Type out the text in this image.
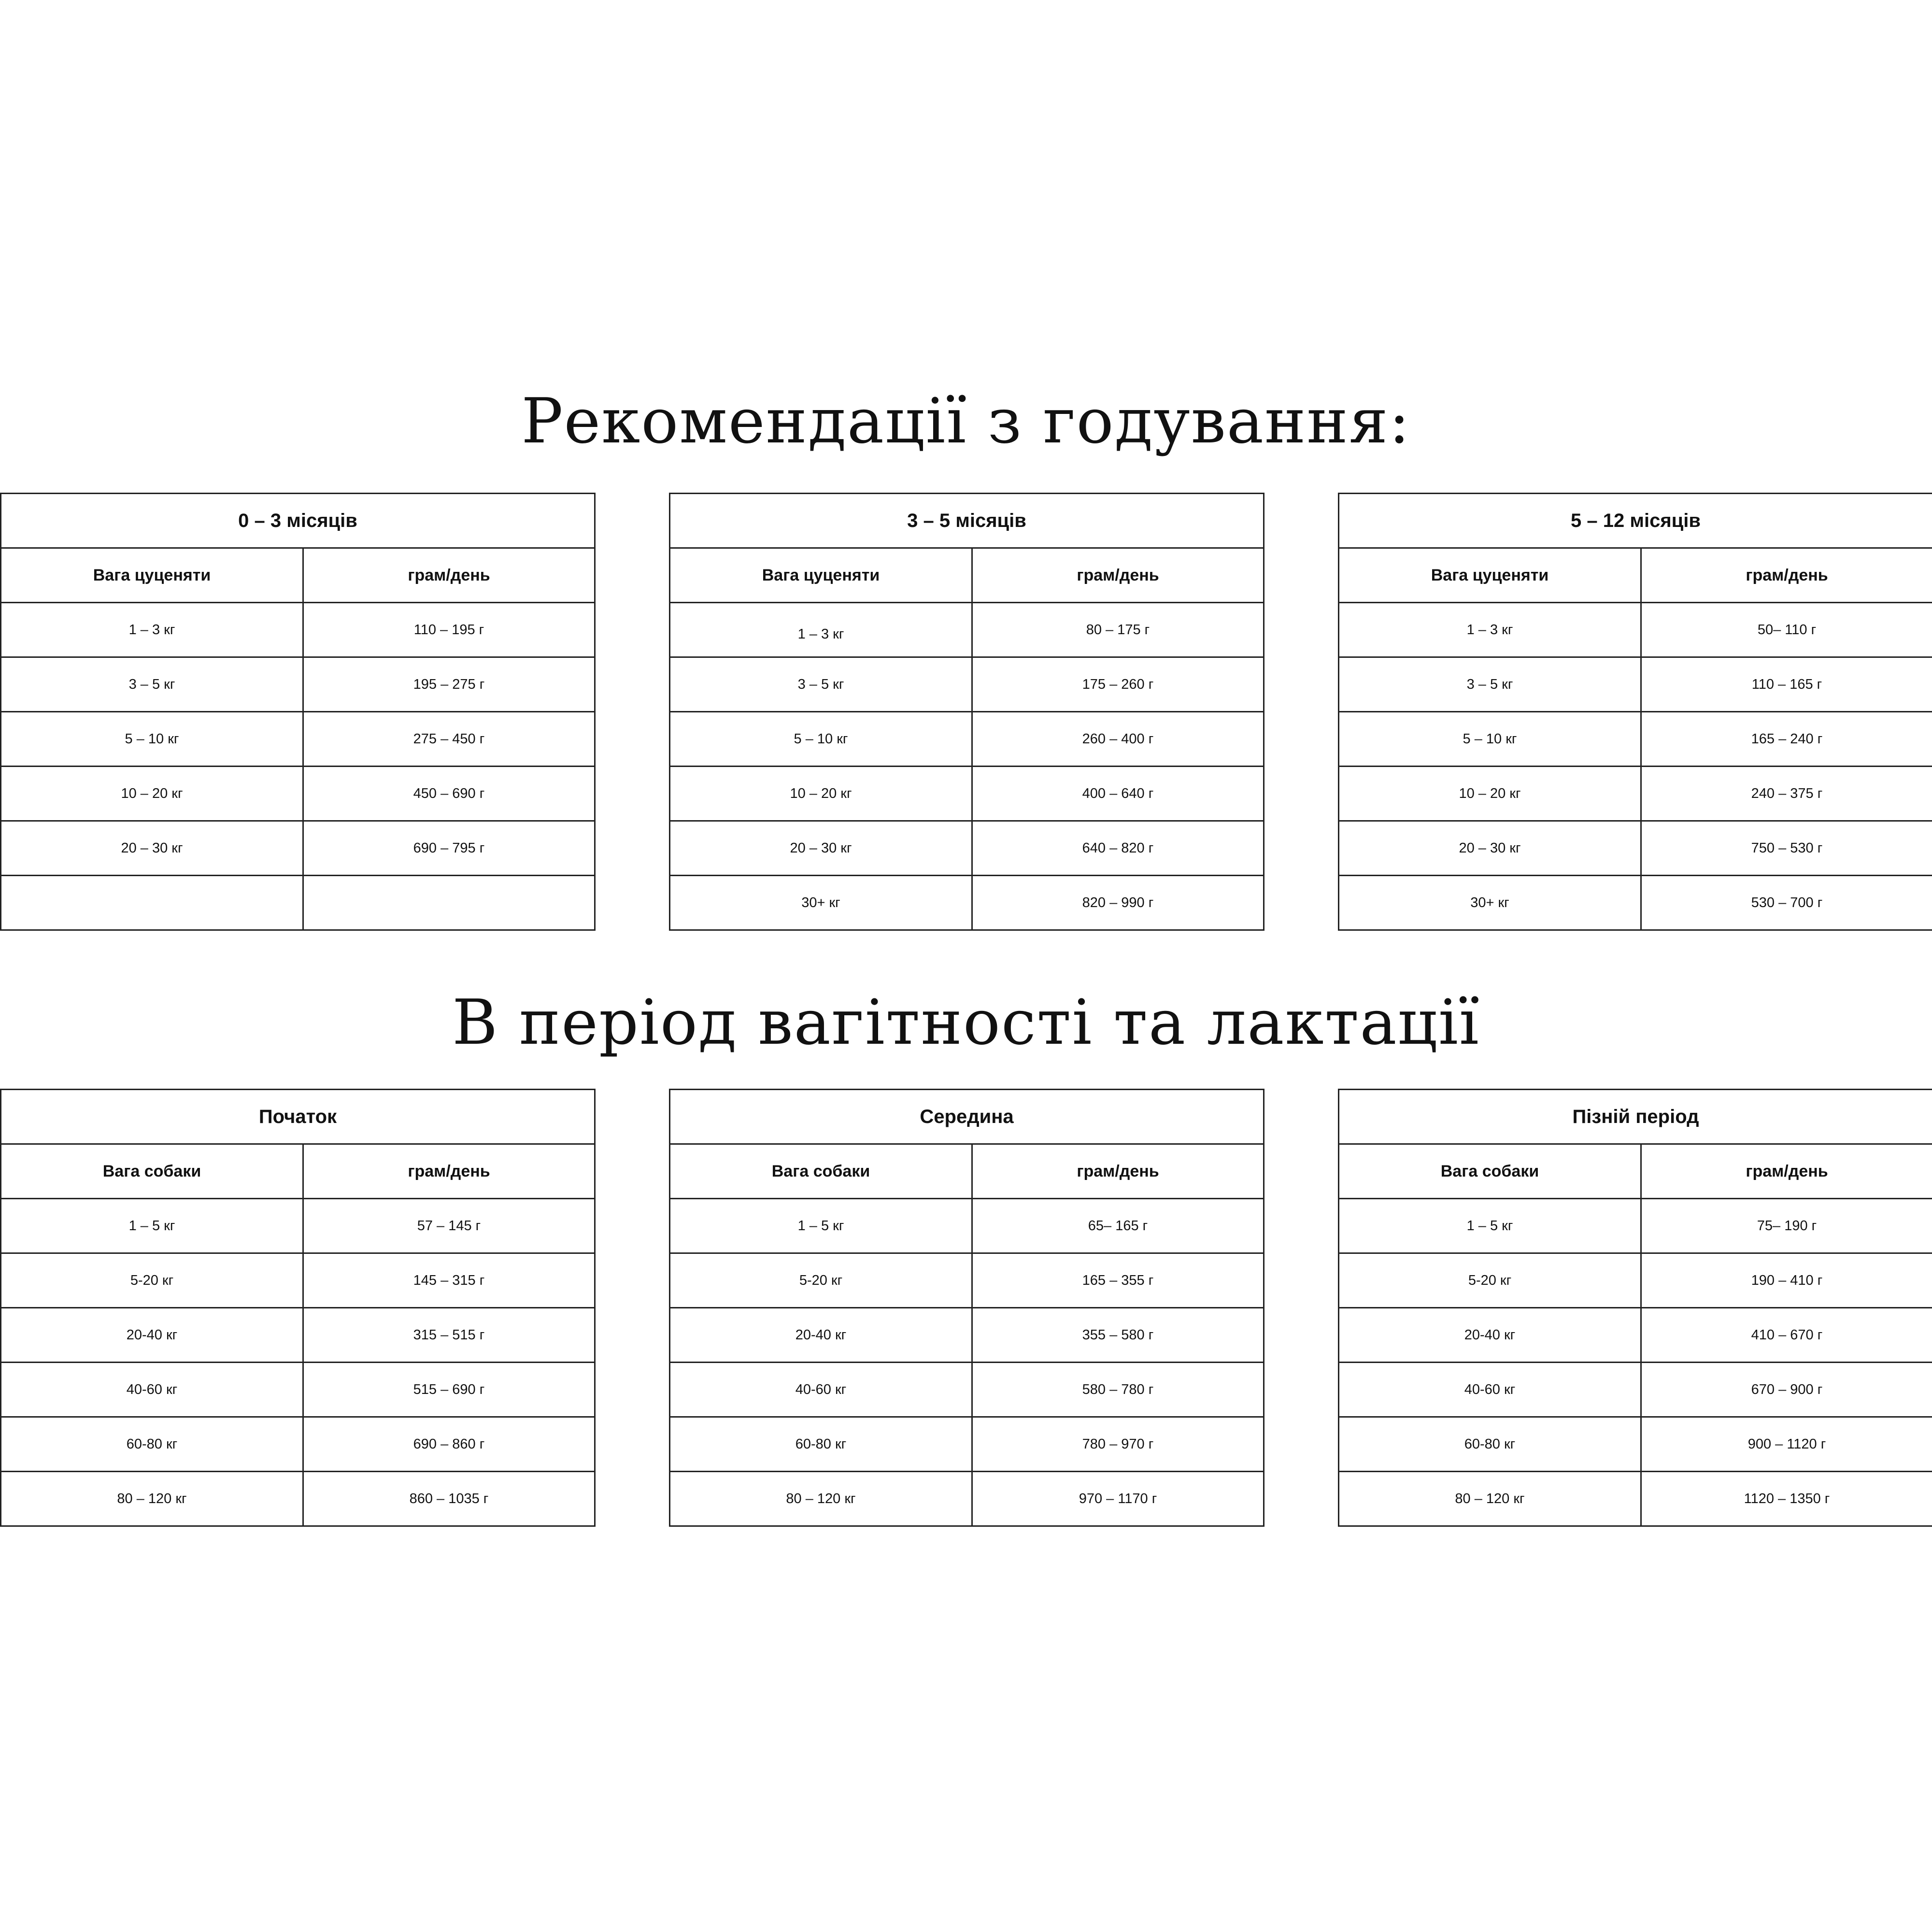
Рекомендації з годування:
0 – 3 місяців	
Вага цуценяти	грам/день
1 – 3 кг	110 – 195 г
3 – 5 кг	195 – 275 г
5 – 10 кг	275 – 450 г
10 – 20 кг	450 – 690 г
20 – 30 кг	690 – 795 г

3 – 5 місяців	
Вага цуценяти	грам/день
1 – 3 кг	80 – 175 г
3 – 5 кг	175 – 260 г
5 – 10 кг	260 – 400 г
10 – 20 кг	400 – 640 г
20 – 30 кг	640 – 820 г
30+ кг	820 – 990 г
5 – 12 місяців	
Вага цуценяти	грам/день
1 – 3 кг	50– 110 г
3 – 5 кг	110 – 165 г
5 – 10 кг	165 – 240 г
10 – 20 кг	240 – 375 г
20 – 30 кг	750 – 530 г
30+ кг	530 – 700 г
В період вагітності та лактації
Початок	
Вага собаки	грам/день
1 – 5 кг	57 – 145 г
5-20 кг	145 – 315 г
20-40 кг	315 – 515 г
40-60 кг	515 – 690 г
60-80 кг	690 – 860 г
80 – 120 кг	860 – 1035 г
Середина	
Вага собаки	грам/день
1 – 5 кг	65– 165 г
5-20 кг	165 – 355 г
20-40 кг	355 – 580 г
40-60 кг	580 – 780 г
60-80 кг	780 – 970 г
80 – 120 кг	970 – 1170 г
Пізній період	
Вага собаки	грам/день
1 – 5 кг	75– 190 г
5-20 кг	190 – 410 г
20-40 кг	410 – 670 г
40-60 кг	670 – 900 г
60-80 кг	900 – 1120 г
80 – 120 кг	1120 – 1350 г
